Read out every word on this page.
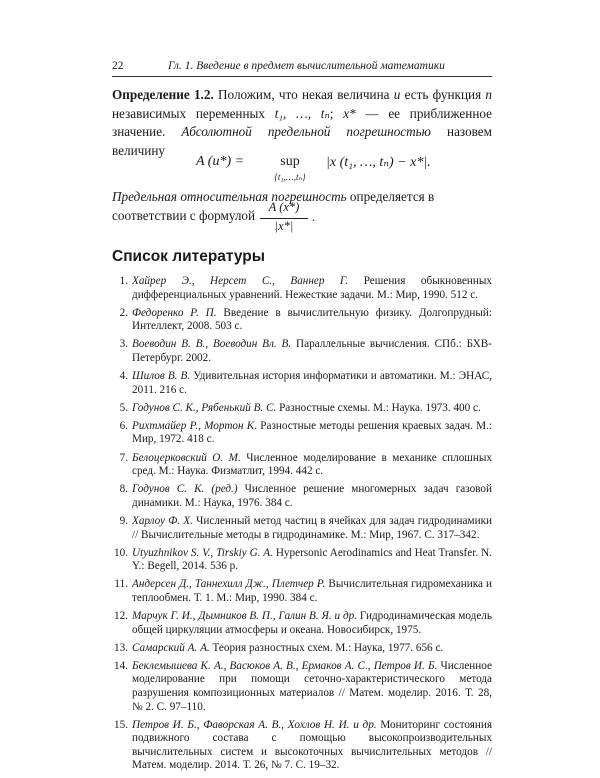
22	Гл. 1. Введение в предмет вычислительной математики

Определение 1.2. Положим, что некая величина u есть функция n независимых переменных t₁, …, tₙ; x* — ее приближенное значение. Абсолютной предельной погрешностью назовем величину

A (u*) =	sup
{t₁,…,tₙ}
|x (t₁, …, tₙ) − x*|.

Предельная относительная погрешность определяется в соответствии с формулой

A (x*)
|x*|
.
Список литературы
1. Хайрер Э., Нерсет С., Ваннер Г. Решения обыкновенных дифференциальных уравнений. Нежесткие задачи. М.: Мир, 1990. 512 с.
2. Федоренко Р. П. Введение в вычислительную физику. Долгопрудный: Интеллект, 2008. 503 с.
3. Воеводин В. В., Воеводин Вл. В. Параллельные вычисления. СПб.: БХВ-Петербург. 2002.
4. Шилов В. В. Удивительная история информатики и автоматики. М.: ЭНАС, 2011. 216 с.
5. Годунов С. К., Рябенький В. С. Разностные схемы. М.: Наука. 1973. 400 с.
6. Рихтмайер Р., Мортон К. Разностные методы решения краевых задач. М.: Мир, 1972. 418 с.
7. Белоцерковский О. М. Численное моделирование в механике сплошных сред. М.: Наука. Физматлит, 1994. 442 с.
8. Годунов С. К. (ред.) Численное решение многомерных задач газовой динамики. М.: Наука, 1976. 384 с.
9. Харлоу Ф. Х. Численный метод частиц в ячейках для задач гидродинамики // Вычислительные методы в гидродинамике. М.: Мир, 1967. С. 317–342.
10. Utyuzhnikov S. V., Tirskiy G. A. Hypersonic Aerodinamics and Heat Transfer. N. Y.: Begell, 2014. 536 p.
11. Андерсен Д., Таннехилл Дж., Плетчер Р. Вычислительная гидромеханика и теплообмен. Т. 1. М.: Мир, 1990. 384 с.
12. Марчук Г. И., Дымников В. П., Галин В. Я. и др. Гидродинамическая модель общей циркуляции атмосферы и океана. Новосибирск, 1975.
13. Самарский А. А. Теория разностных схем. М.: Наука, 1977. 656 с.
14. Беклемышева К. А., Васюков А. В., Ермаков А. С., Петров И. Б. Численное моделирование при помощи сеточно-характеристического метода разрушения композиционных материалов // Матем. моделир. 2016. Т. 28, № 2. С. 97–110.
15. Петров И. Б., Фаворская А. В., Хохлов Н. И. и др. Мониторинг состояния подвижного состава с помощью высокопроизводительных вычислительных систем и высокоточных вычислительных методов // Матем. моделир. 2014. Т. 26, № 7. С. 19–32.
